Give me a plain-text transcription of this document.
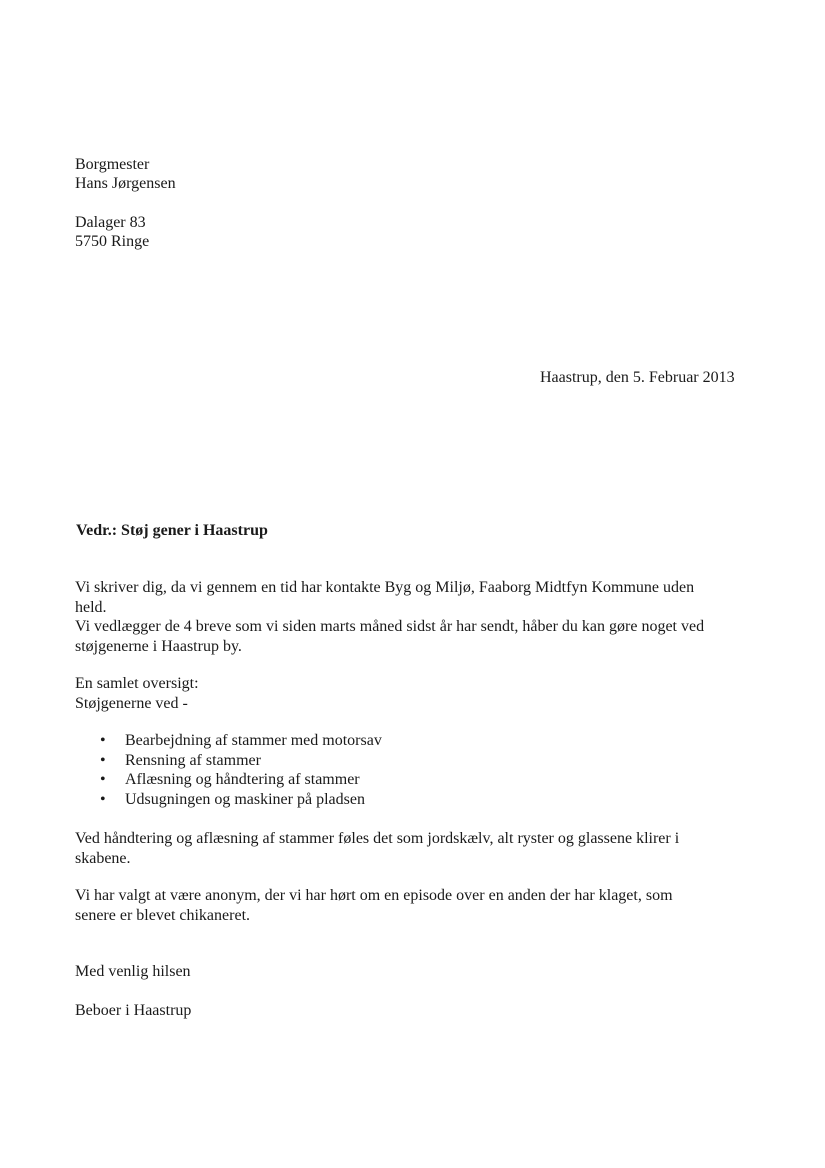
Borgmester
Hans Jørgensen
Dalager 83
5750 Ringe
Haastrup, den 5. Februar 2013
Vedr.: Støj gener i Haastrup
Vi skriver dig, da vi gennem en tid har kontakte Byg og Miljø, Faaborg Midtfyn Kommune uden
held.
Vi vedlægger de 4 breve som vi siden marts måned sidst år har sendt, håber du kan gøre noget ved
støjgenerne i Haastrup by.
En samlet oversigt:
Støjgenerne ved -
• Bearbejdning af stammer med motorsav
• Rensning af stammer
• Aflæsning og håndtering af stammer
• Udsugningen og maskiner på pladsen
Ved håndtering og aflæsning af stammer føles det som jordskælv, alt ryster og glassene klirer i
skabene.
Vi har valgt at være anonym, der vi har hørt om en episode over en anden der har klaget, som
senere er blevet chikaneret.
Med venlig hilsen
Beboer i Haastrup
